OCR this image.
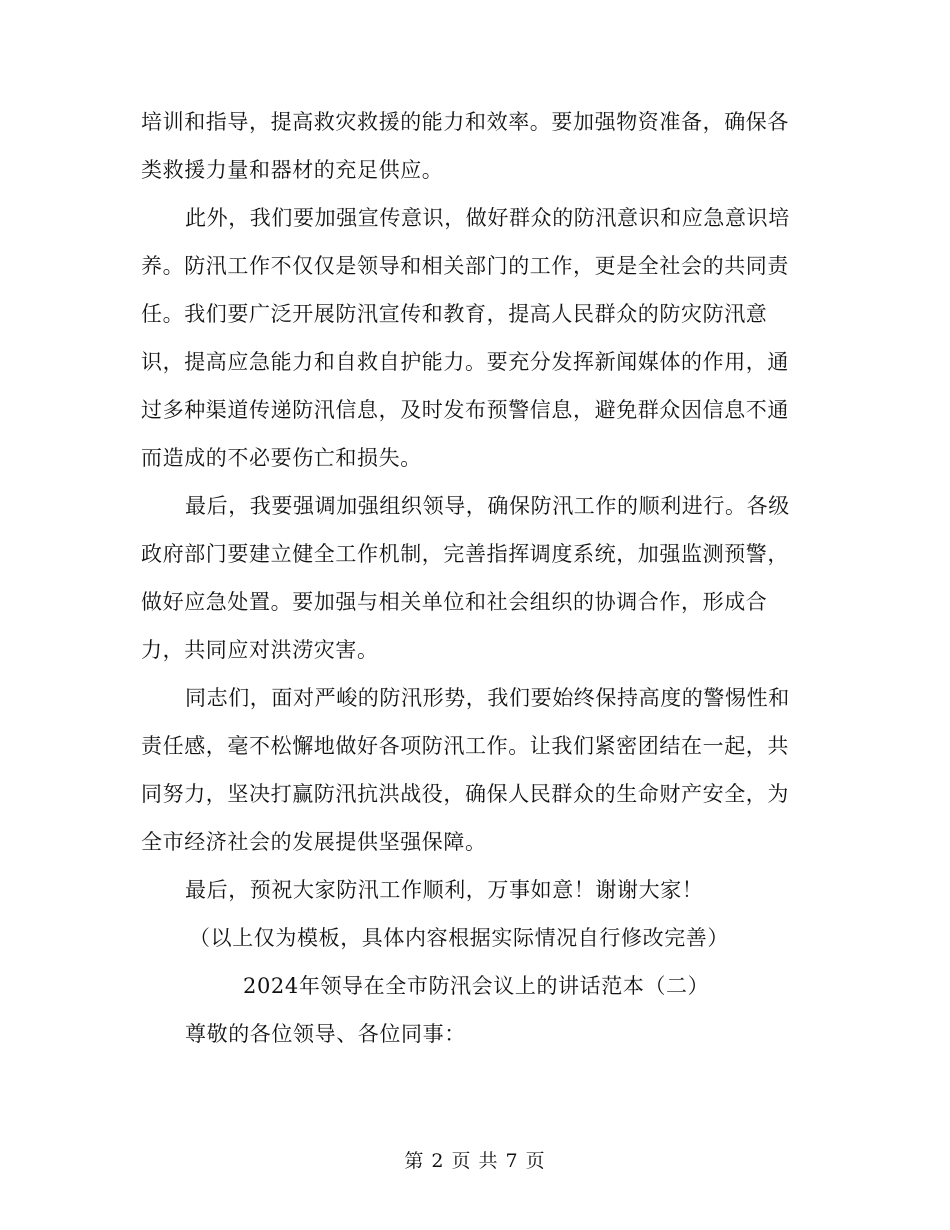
培训和指导，提高救灾救援的能力和效率。要加强物资准备，确保各
类救援力量和器材的充足供应。

此外，我们要加强宣传意识，做好群众的防汛意识和应急意识培
养。防汛工作不仅仅是领导和相关部门的工作，更是全社会的共同责
任。我们要广泛开展防汛宣传和教育，提高人民群众的防灾防汛意
识，提高应急能力和自救自护能力。要充分发挥新闻媒体的作用，通
过多种渠道传递防汛信息，及时发布预警信息，避免群众因信息不通
而造成的不必要伤亡和损失。

最后，我要强调加强组织领导，确保防汛工作的顺利进行。各级
政府部门要建立健全工作机制，完善指挥调度系统，加强监测预警，
做好应急处置。要加强与相关单位和社会组织的协调合作，形成合
力，共同应对洪涝灾害。

同志们，面对严峻的防汛形势，我们要始终保持高度的警惕性和
责任感，毫不松懈地做好各项防汛工作。让我们紧密团结在一起，共
同努力，坚决打赢防汛抗洪战役，确保人民群众的生命财产安全，为
全市经济社会的发展提供坚强保障。

最后，预祝大家防汛工作顺利，万事如意！谢谢大家！

（以上仅为模板，具体内容根据实际情况自行修改完善）

2024年领导在全市防汛会议上的讲话范本（二）

尊敬的各位领导、各位同事：

第 2 页 共 7 页
